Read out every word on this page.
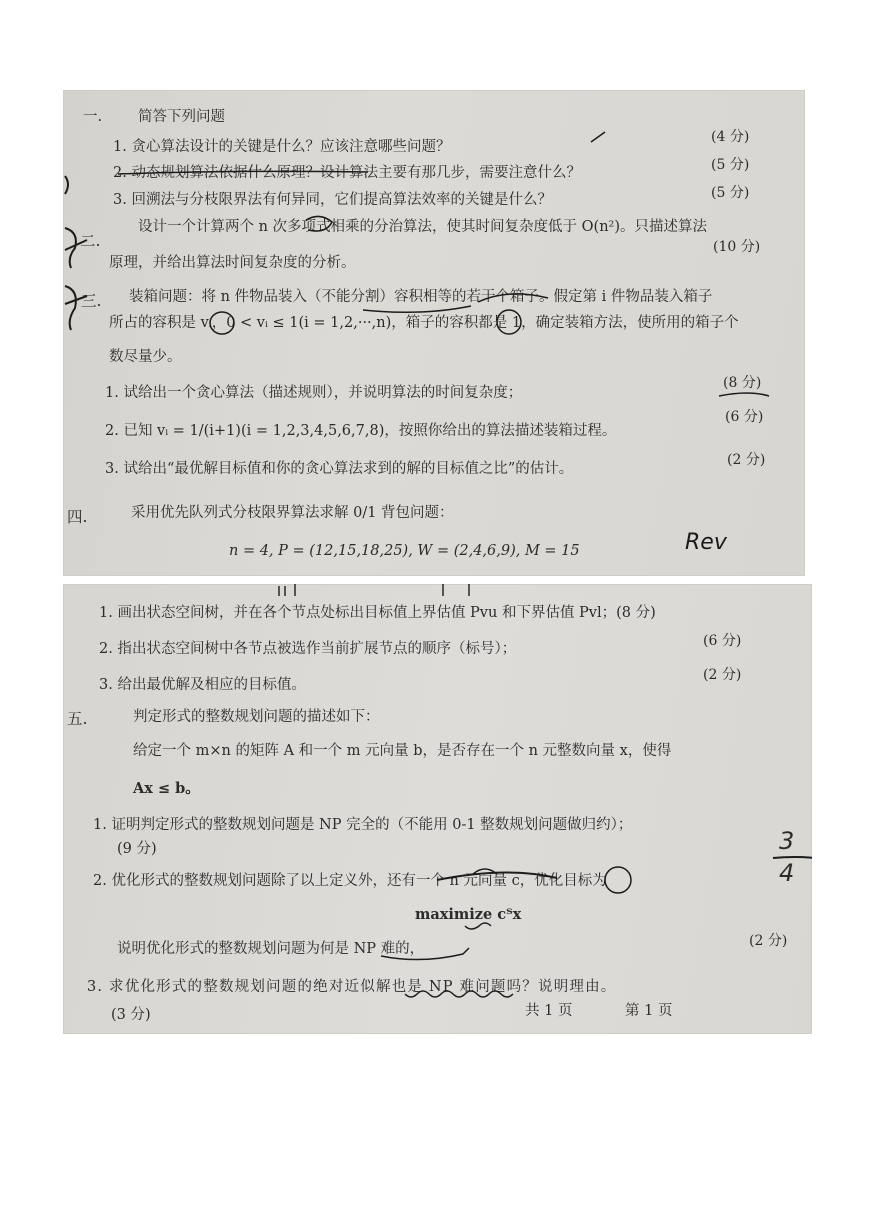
一. 简答下列问题
1. 贪心算法设计的关键是什么？应该注意哪些问题？
(4 分)
2. 动态规划算法依据什么原理？设计算法主要有那几步，需要注意什么？	(5 分)
3. 回溯法与分枝限界法有何异同，它们提高算法效率的关键是什么？	(5 分)
二.
设计一个计算两个 n 次多项式相乘的分治算法，使其时间复杂度低于 O(n²)。只描述算法
(10 分)
原理，并给出算法时间复杂度的分析。
三. 装箱问题：将 n 件物品装入（不能分割）容积相等的若干个箱子。假定第 i 件物品装入箱子
所占的容积是 vᵢ，0 < vᵢ ≤ 1(i = 1,2,···,n)，箱子的容积都是 1，确定装箱方法，使所用的箱子个
数尽量少。
1. 试给出一个贪心算法（描述规则），并说明算法的时间复杂度；
(8 分)
2. 已知 vᵢ = 1/(i+1)(i = 1,2,3,4,5,6,7,8)，按照你给出的算法描述装箱过程。
(6 分)
3. 试给出“最优解目标值和你的贪心算法求到的解的目标值之比”的估计。
(2 分)
四.	采用优先队列式分枝限界算法求解 0/1 背包问题：
n = 4, P = (12,15,18,25), W = (2,4,6,9), M = 15	Rev
1. 画出状态空间树，并在各个节点处标出目标值上界估值 Pvu 和下界估值 Pvl；(8 分)
2. 指出状态空间树中各节点被选作当前扩展节点的顺序（标号）；	(6 分)
3. 给出最优解及相应的目标值。
(2 分)
五.	判定形式的整数规划问题的描述如下：
给定一个 m×n 的矩阵 A 和一个 m 元向量 b，是否存在一个 n 元整数向量 x，使得
Ax ≤ b。
1. 证明判定形式的整数规划问题是 NP 完全的（不能用 0-1 整数规划问题做归约）；
(9 分)
2. 优化形式的整数规划问题除了以上定义外，还有一个 n 元向量 c，优化目标为
maximize cᵀx
说明优化形式的整数规划问题为何是 NP 难的，	(2 分)
3. 求优化形式的整数规划问题的绝对近似解也是 NP 难问题吗？说明理由。
(3 分)	共 1 页	第 1 页
3
4
